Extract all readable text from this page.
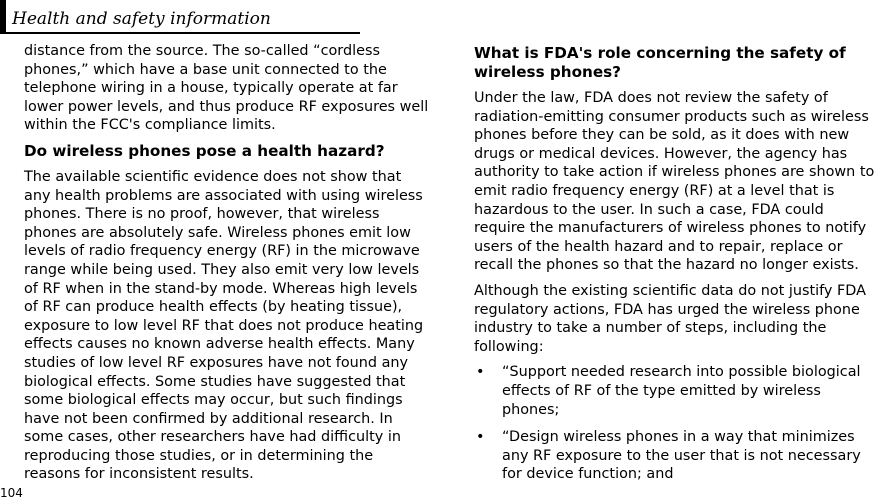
Health and safety information

distance from the source. The so-called “cordless phones,” which have a base unit connected to the telephone wiring in a house, typically operate at far lower power levels, and thus produce RF exposures well within the FCC's compliance limits.

Do wireless phones pose a health hazard?

The available scientific evidence does not show that any health problems are associated with using wireless phones. There is no proof, however, that wireless phones are absolutely safe. Wireless phones emit low levels of radio frequency energy (RF) in the microwave range while being used. They also emit very low levels of RF when in the stand-by mode. Whereas high levels of RF can produce health effects (by heating tissue), exposure to low level RF that does not produce heating effects causes no known adverse health effects. Many studies of low level RF exposures have not found any biological effects. Some studies have suggested that some biological effects may occur, but such findings have not been confirmed by additional research. In some cases, other researchers have had difficulty in reproducing those studies, or in determining the reasons for inconsistent results.

What is FDA's role concerning the safety of wireless phones?

Under the law, FDA does not review the safety of radiation-emitting consumer products such as wireless phones before they can be sold, as it does with new drugs or medical devices. However, the agency has authority to take action if wireless phones are shown to emit radio frequency energy (RF) at a level that is hazardous to the user. In such a case, FDA could require the manufacturers of wireless phones to notify users of the health hazard and to repair, replace or recall the phones so that the hazard no longer exists.

Although the existing scientific data do not justify FDA regulatory actions, FDA has urged the wireless phone industry to take a number of steps, including the following:

• “Support needed research into possible biological effects of RF of the type emitted by wireless phones;
• “Design wireless phones in a way that minimizes any RF exposure to the user that is not necessary for device function; and
104
